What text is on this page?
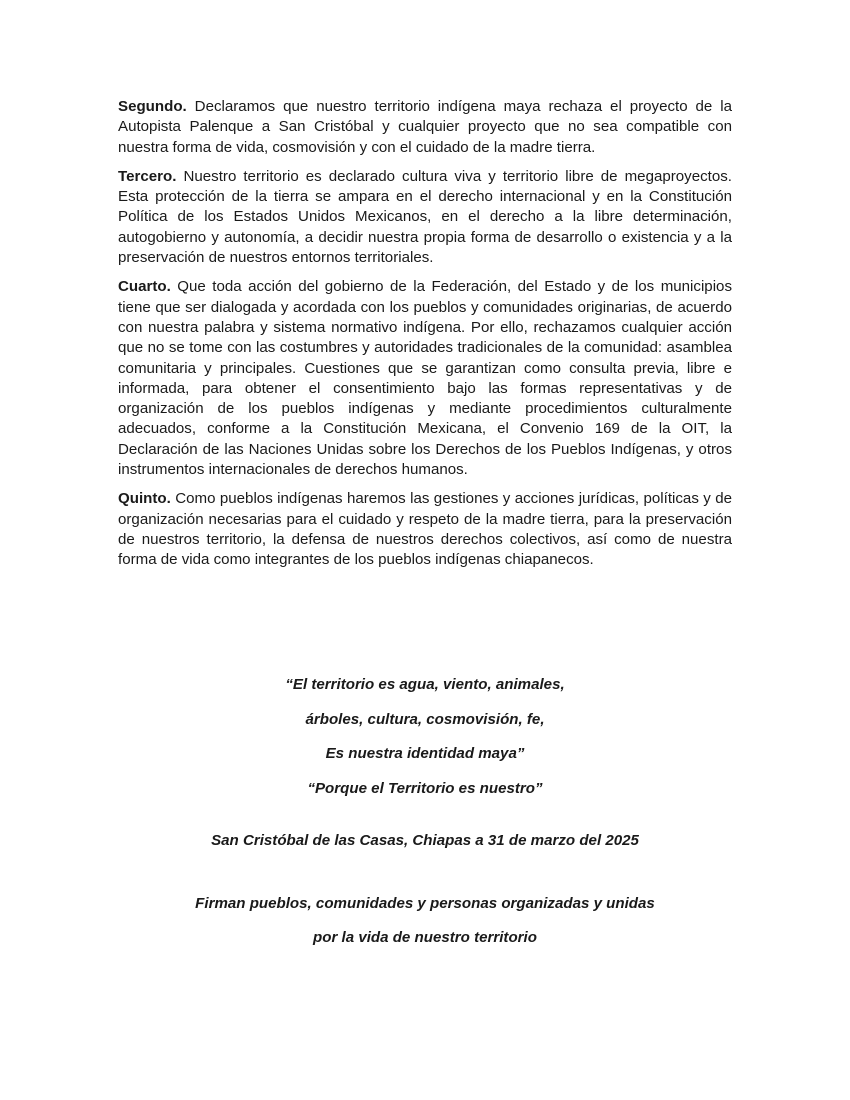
Segundo. Declaramos que nuestro territorio indígena maya rechaza el proyecto de la Autopista Palenque a San Cristóbal y cualquier proyecto que no sea compatible con nuestra forma de vida, cosmovisión y con el cuidado de la madre tierra.

Tercero. Nuestro territorio es declarado cultura viva y territorio libre de megaproyectos. Esta protección de la tierra se ampara en el derecho internacional y en la Constitución Política de los Estados Unidos Mexicanos, en el derecho a la libre determinación, autogobierno y autonomía, a decidir nuestra propia forma de desarrollo o existencia y a la preservación de nuestros entornos territoriales.

Cuarto. Que toda acción del gobierno de la Federación, del Estado y de los municipios tiene que ser dialogada y acordada con los pueblos y comunidades originarias, de acuerdo con nuestra palabra y sistema normativo indígena. Por ello, rechazamos cualquier acción que no se tome con las costumbres y autoridades tradicionales de la comunidad: asamblea comunitaria y principales. Cuestiones que se garantizan como consulta previa, libre e informada, para obtener el consentimiento bajo las formas representativas y de organización de los pueblos indígenas y mediante procedimientos culturalmente adecuados, conforme a la Constitución Mexicana, el Convenio 169 de la OIT, la Declaración de las Naciones Unidas sobre los Derechos de los Pueblos Indígenas, y otros instrumentos internacionales de derechos humanos.

Quinto. Como pueblos indígenas haremos las gestiones y acciones jurídicas, políticas y de organización necesarias para el cuidado y respeto de la madre tierra, para la preservación de nuestros territorio, la defensa de nuestros derechos colectivos, así como de nuestra forma de vida como integrantes de los pueblos indígenas chiapanecos.

“El territorio es agua, viento, animales,

árboles, cultura, cosmovisión, fe,

Es nuestra identidad maya”

“Porque el Territorio es nuestro”

San Cristóbal de las Casas, Chiapas a 31 de marzo del 2025

Firman pueblos, comunidades y personas organizadas y unidas

por la vida de nuestro territorio
